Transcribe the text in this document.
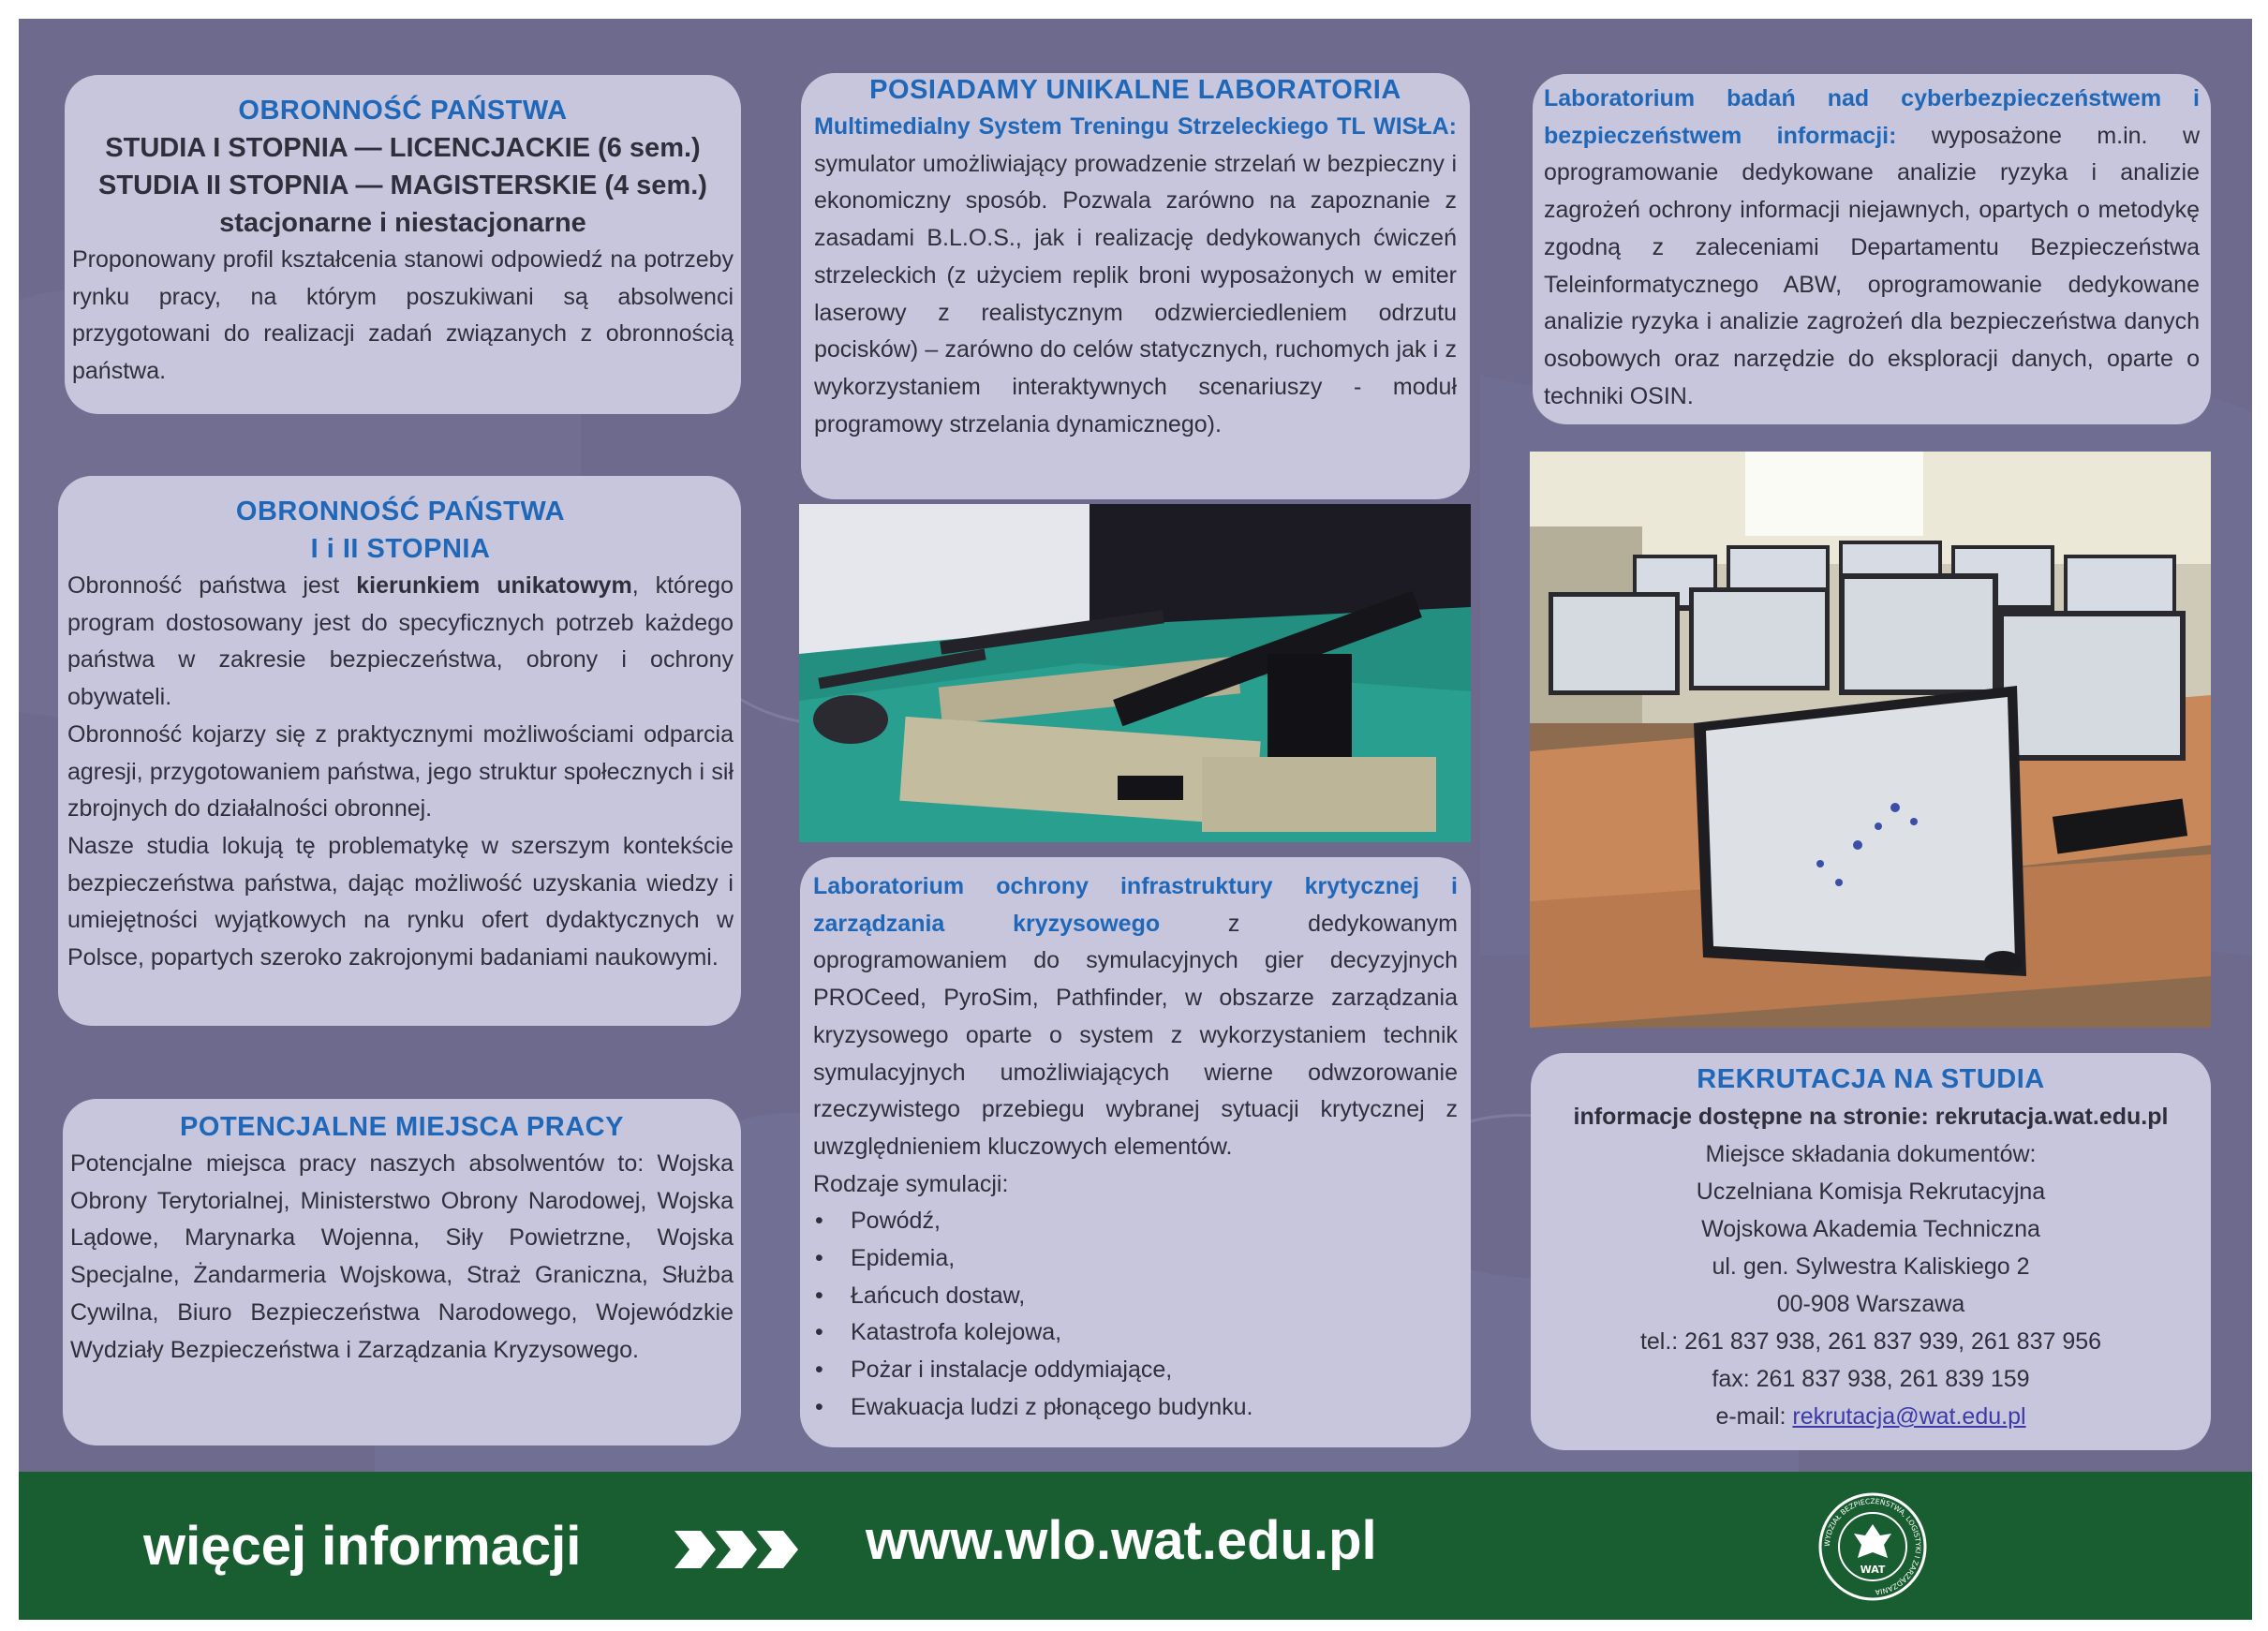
OBRONNOŚĆ PAŃSTWA
STUDIA I STOPNIA — LICENCJACKIE (6 sem.)
STUDIA II STOPNIA — MAGISTERSKIE (4 sem.)
stacjonarne i niestacjonarne
Proponowany profil kształcenia stanowi odpowiedź na potrzeby rynku pracy, na którym poszukiwani są absolwenci przygotowani do realizacji zadań związanych z obronnością państwa.
OBRONNOŚĆ PAŃSTWA
I i II STOPNIA

Obronność państwa jest kierunkiem unikatowym, którego program dostosowany jest do specyficznych potrzeb każdego państwa w zakresie bezpieczeństwa, obrony i ochrony obywateli.

Obronność kojarzy się z praktycznymi możliwościami odparcia agresji, przygotowaniem państwa, jego struktur społecznych i sił zbrojnych do działalności obronnej.

Nasze studia lokują tę problematykę w szerszym kontekście bezpieczeństwa państwa, dając możliwość uzyskania wiedzy i umiejętności wyjątkowych na rynku ofert dydaktycznych w Polsce, popartych szeroko zakrojonymi badaniami naukowymi.

POTENCJALNE MIEJSCA PRACY
Potencjalne miejsca pracy naszych absolwentów to: Wojska Obrony Terytorialnej, Ministerstwo Obrony Narodowej, Wojska Lądowe, Marynarka Wojenna, Siły Powietrzne, Wojska Specjalne, Żandarmeria Wojskowa, Straż Graniczna, Służba Cywilna, Biuro Bezpieczeństwa Narodowego, Wojewódzkie Wydziały Bezpieczeństwa i Zarządzania Kryzysowego.
POSIADAMY UNIKALNE LABORATORIA
Multimedialny System Treningu Strzeleckiego TL WISŁA: symulator umożliwiający prowadzenie strzelań w bezpieczny i ekonomiczny sposób. Pozwala zarówno na zapoznanie z zasadami B.L.O.S., jak i realizację dedykowanych ćwiczeń strzeleckich (z użyciem replik broni wyposażonych w emiter laserowy z realistycznym odzwierciedleniem odrzutu pocisków) – zarówno do celów statycznych, ruchomych jak i z wykorzystaniem interaktywnych scenariuszy - moduł programowy strzelania dynamicznego).
Laboratorium ochrony infrastruktury krytycznej i zarządzania kryzysowego z dedykowanym oprogramowaniem do symulacyjnych gier decyzyjnych PROCeed, PyroSim, Pathfinder, w obszarze zarządzania kryzysowego oparte o system z wykorzystaniem technik symulacyjnych umożliwiających wierne odwzorowanie rzeczywistego przebiegu wybranej sytuacji krytycznej z uwzględnieniem kluczowych elementów.
Rodzaje symulacji:
• Powódź,
• Epidemia,
• Łańcuch dostaw,
• Katastrofa kolejowa,
• Pożar i instalacje oddymiające,
• Ewakuacja ludzi z płonącego budynku.
Laboratorium badań nad cyberbezpieczeństwem i bezpieczeństwem informacji: wyposażone m.in. w oprogramowanie dedykowane analizie ryzyka i analizie zagrożeń ochrony informacji niejawnych, opartych o metodykę zgodną z zaleceniami Departamentu Bezpieczeństwa Teleinformatycznego ABW, oprogramowanie dedykowane analizie ryzyka i analizie zagrożeń dla bezpieczeństwa danych osobowych oraz narzędzie do eksploracji danych, oparte o techniki OSIN.
REKRUTACJA NA STUDIA
informacje dostępne na stronie: rekrutacja.wat.edu.pl
Miejsce składania dokumentów:
Uczelniana Komisja Rekrutacyjna
Wojskowa Akademia Techniczna
ul. gen. Sylwestra Kaliskiego 2
00-908 Warszawa
tel.: 261 837 938, 261 837 939, 261 837 956
fax: 261 837 938, 261 839 159
e-mail: rekrutacja@wat.edu.pl
więcej informacji	www.wlo.wat.edu.pl	WYDZIAŁ BEZPIECZEŃSTWA, LOGISTYKI I ZARZĄDZANIA
WAT
